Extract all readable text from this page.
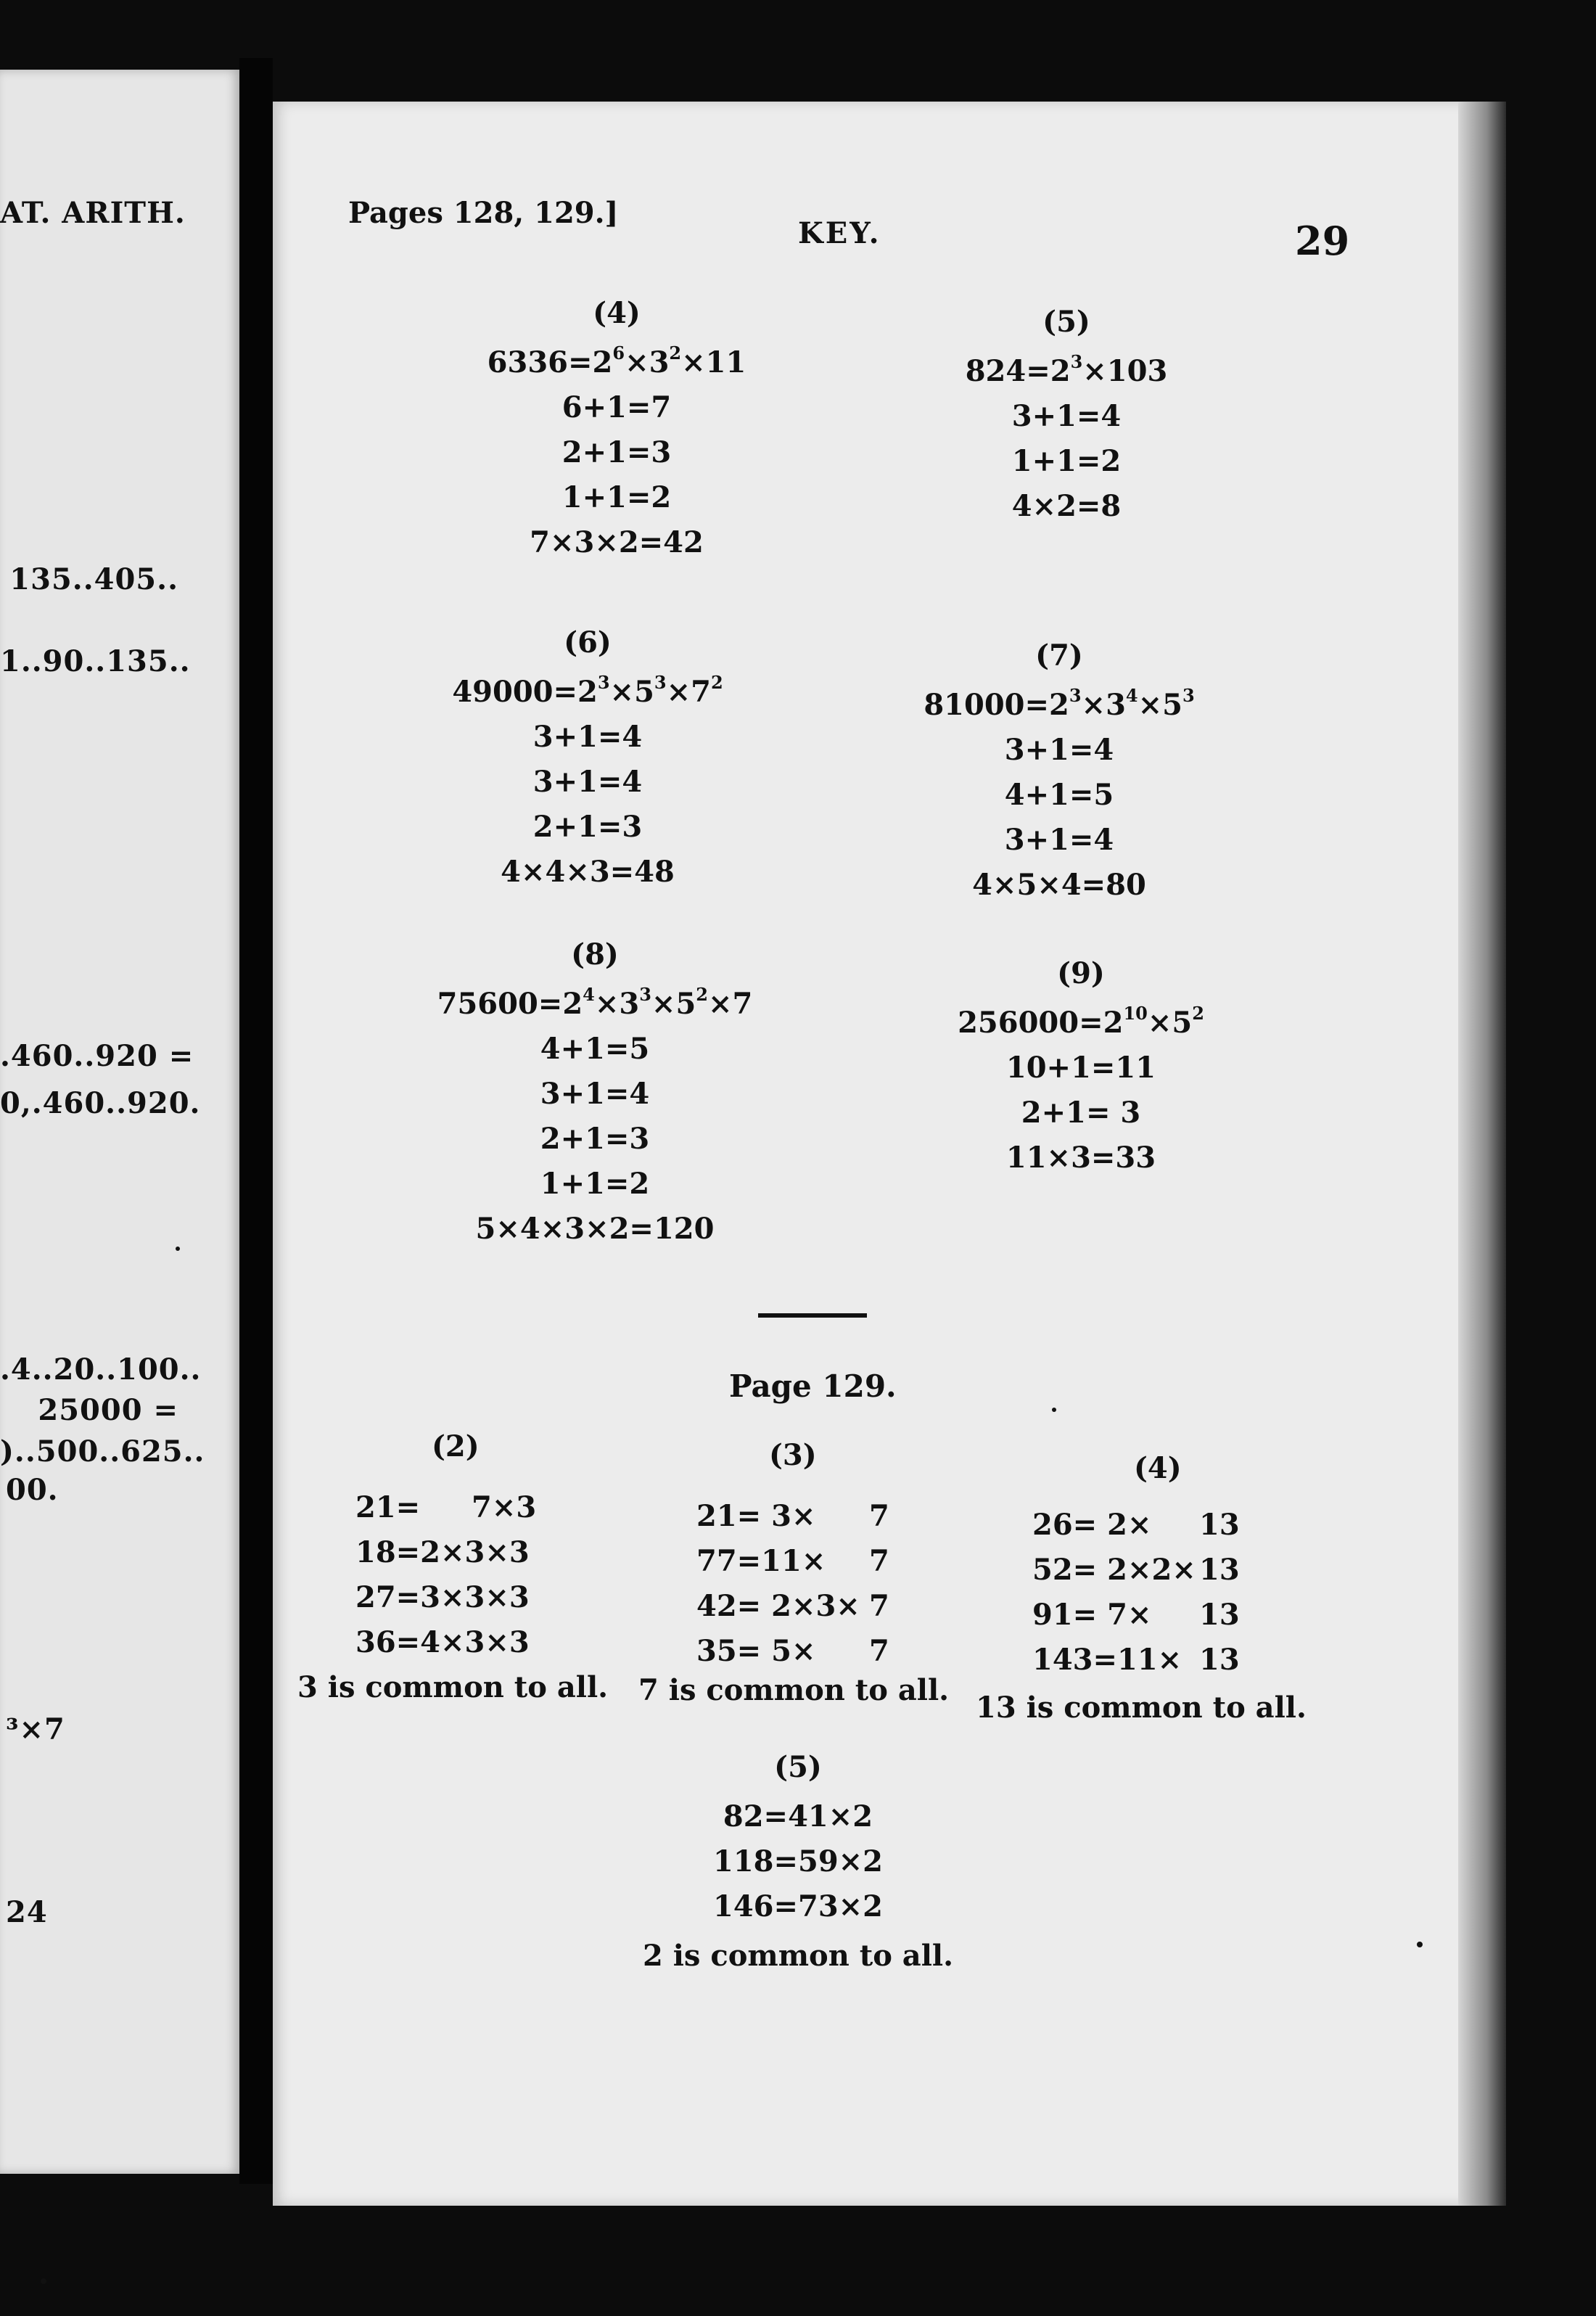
AT. ARITH.
135..405..
1..90..135..
.460..920 =
0,.460..920.
.4..20..100..
25000 =
)..500..625..
00.
³×7
24
Pages 128, 129.]
KEY.	29
(4)
$6336=2^6\times 3^2\times 11$
6+1=7
2+1=3
1+1=2
7×3×2=42
(5)
$824=2^3\times 103$
3+1=4
1+1=2
4×2=8
(6)
$49000=2^3\times 5^3\times 7^2$
3+1=4
3+1=4
2+1=3
4×4×3=48
(7)
$81000=2^3\times 3^4\times 5^3$
3+1=4
4+1=5
3+1=4
4×5×4=80
(8)
$75600=2^4\times 3^3\times 5^2\times 7$
4+1=5
3+1=4
2+1=3
1+1=2
5×4×3×2=120
(9)
$256000=2^{10}\times 5^2$
10+1=11
2+1= 3
11×3=33
Page 129.
(2)
21=	7×3
18=2×3×3
27=3×3×3
36=4×3×3
3 is common to all.
(3)
21= 3×	7
77=11×	7
42= 2×3×	7
35= 5×	7
7 is common to all.
(4)
26= 2×	13
52= 2×2×	13
91= 7×	13
143=11×	13
13 is common to all.
(5)
82=41×2
118=59×2
146=73×2
2 is common to all.
